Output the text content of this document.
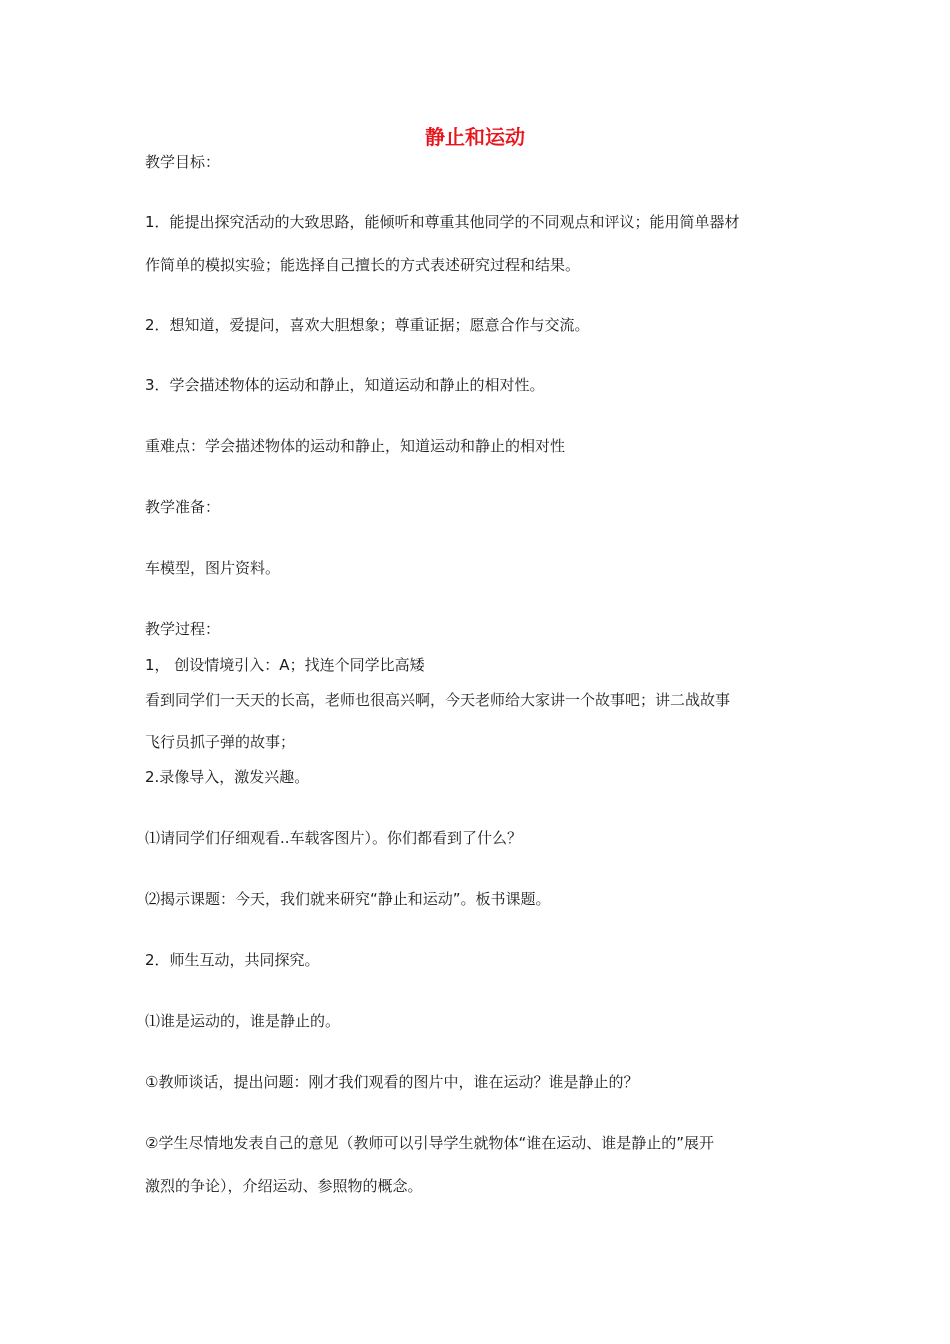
静止和运动

教学目标：

1．能提出探究活动的大致思路，能倾听和尊重其他同学的不同观点和评议；能用简单器材

作简单的模拟实验；能选择自己擅长的方式表述研究过程和结果。

2．想知道，爱提问，喜欢大胆想象；尊重证据；愿意合作与交流。

3．学会描述物体的运动和静止，知道运动和静止的相对性。

重难点：学会描述物体的运动和静止，知道运动和静止的相对性

教学准备：

车模型，图片资料。

教学过程：

1， 创设情境引入：A；找连个同学比高矮

看到同学们一天天的长高，老师也很高兴啊，今天老师给大家讲一个故事吧；讲二战故事

飞行员抓子弹的故事；

2.录像导入，激发兴趣。

⑴请同学们仔细观看..车载客图片）。你们都看到了什么？

⑵揭示课题：今天，我们就来研究“静止和运动”。板书课题。

2．师生互动，共同探究。

⑴谁是运动的，谁是静止的。

①教师谈话，提出问题：刚才我们观看的图片中，谁在运动？谁是静止的？

②学生尽情地发表自己的意见（教师可以引导学生就物体“谁在运动、谁是静止的”展开

激烈的争论），介绍运动、参照物的概念。
